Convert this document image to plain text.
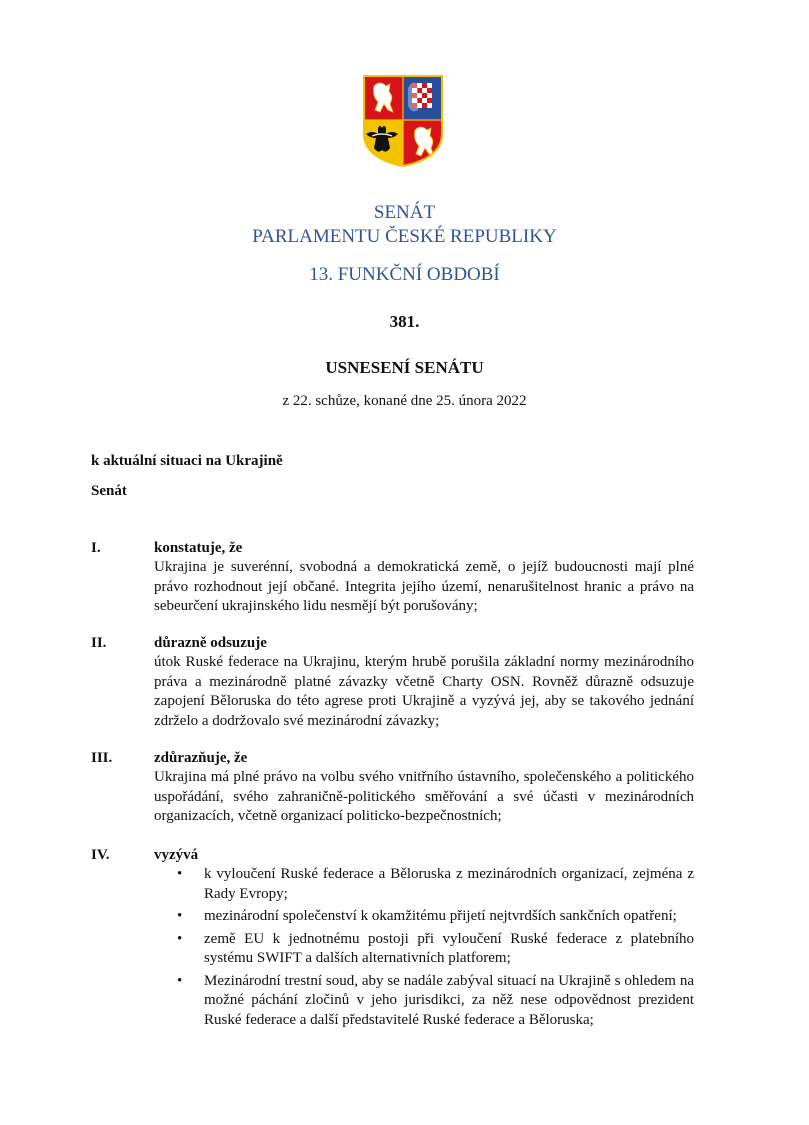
SENÁT
PARLAMENTU ČESKÉ REPUBLIKY
13. FUNKČNÍ OBDOBÍ
381.
USNESENÍ SENÁTU
z 22. schůze, konané dne 25. února 2022
k aktuální situaci na Ukrajině
Senát
I.	konstatuje, že
Ukrajina je suverénní, svobodná a demokratická země, o jejíž budoucnosti mají plné právo rozhodnout její občané. Integrita jejího území, nenarušitelnost hranic a právo na sebeurčení ukrajinského lidu nesmějí být porušovány;
II.	důrazně odsuzuje
útok Ruské federace na Ukrajinu, kterým hrubě porušila základní normy mezinárodního práva a mezinárodně platné závazky včetně Charty OSN. Rovněž důrazně odsuzuje zapojení Běloruska do této agrese proti Ukrajině a vyzývá jej, aby se takového jednání zdrželo a dodržovalo své mezinárodní závazky;
III.	zdůrazňuje, že
Ukrajina má plné právo na volbu svého vnitřního ústavního, společenského a politického uspořádání, svého zahraničně-politického směřování a své účasti v mezinárodních organizacích, včetně organizací politicko-bezpečnostních;
IV.	vyzývá
• k vyloučení Ruské federace a Běloruska z mezinárodních organizací, zejména z Rady Evropy;
• mezinárodní společenství k okamžitému přijetí nejtvrdších sankčních opatření;
• země EU k jednotnému postoji při vyloučení Ruské federace z platebního systému SWIFT a dalších alternativních platforem;
• Mezinárodní trestní soud, aby se nadále zabýval situací na Ukrajině s ohledem na možné páchání zločinů v jeho jurisdikci, za něž nese odpovědnost prezident Ruské federace a další představitelé Ruské federace a Běloruska;
